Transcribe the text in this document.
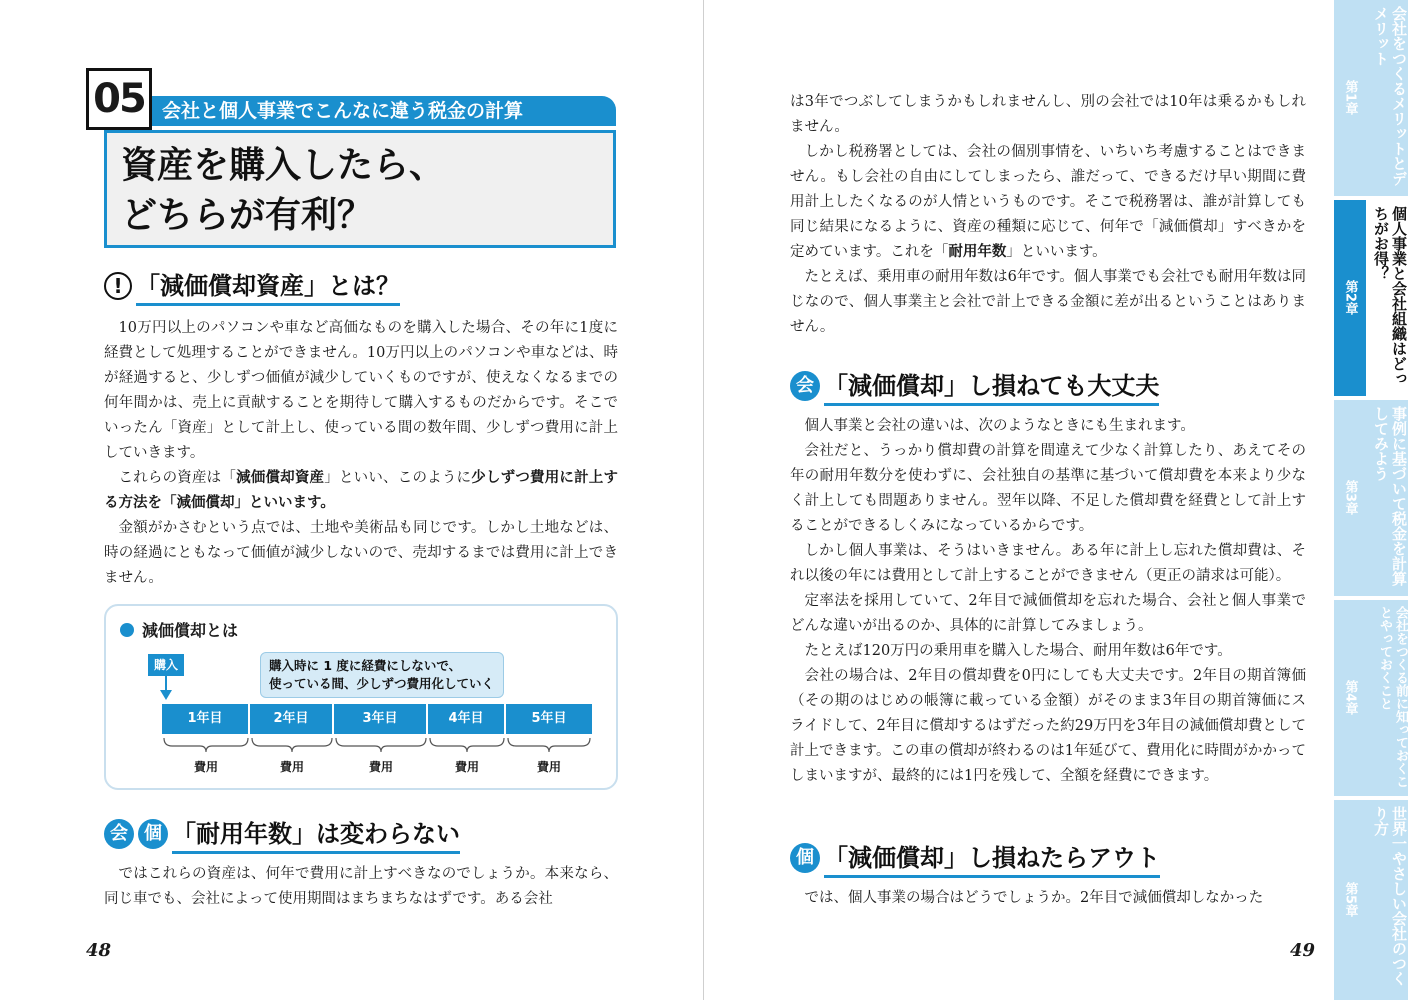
05 会社と個人事業でこんなに違う税金の計算
資産を購入したら、
どちらが有利？
! 「減価償却資産」とは？

10万円以上のパソコンや車など高価なものを購入した場合、その年に1度に経費として処理することができません。10万円以上のパソコンや車などは、時が経過すると、少しずつ価値が減少していくものですが、使えなくなるまでの何年間かは、売上に貢献することを期待して購入するものだからです。そこでいったん「資産」として計上し、使っている間の数年間、少しずつ費用に計上していきます。

これらの資産は「減価償却資産」といい、このように少しずつ費用に計上する方法を「減価償却」といいます。

金額がかさむという点では、土地や美術品も同じです。しかし土地などは、時の経過にともなって価値が減少しないので、売却するまでは費用に計上できません。

減価償却とは
購入	購入時に 1 度に経費にしないで、
使っている間、少しずつ費用化していく
1年目	2年目	3年目	4年目	5年目
費用	費用	費用	費用	費用
会 個 「耐用年数」は変わらない

ではこれらの資産は、何年で費用に計上すべきなのでしょうか。本来なら、同じ車でも、会社によって使用期間はまちまちなはずです。ある会社

48

は3年でつぶしてしまうかもしれませんし、別の会社では10年は乗るかもしれません。

しかし税務署としては、会社の個別事情を、いちいち考慮することはできません。もし会社の自由にしてしまったら、誰だって、できるだけ早い期間に費用計上したくなるのが人情というものです。そこで税務署は、誰が計算しても同じ結果になるように、資産の種類に応じて、何年で「減価償却」すべきかを定めています。これを「耐用年数」といいます。

たとえば、乗用車の耐用年数は6年です。個人事業でも会社でも耐用年数は同じなので、個人事業主と会社で計上できる金額に差が出るということはありません。

会 「減価償却」し損ねても大丈夫

個人事業と会社の違いは、次のようなときにも生まれます。

会社だと、うっかり償却費の計算を間違えて少なく計算したり、あえてその年の耐用年数分を使わずに、会社独自の基準に基づいて償却費を本来より少なく計上しても問題ありません。翌年以降、不足した償却費を経費として計上することができるしくみになっているからです。

しかし個人事業は、そうはいきません。ある年に計上し忘れた償却費は、それ以後の年には費用として計上することができません（更正の請求は可能）。

定率法を採用していて、2年目で減価償却を忘れた場合、会社と個人事業でどんな違いが出るのか、具体的に計算してみましょう。

たとえば120万円の乗用車を購入した場合、耐用年数は6年です。

会社の場合は、2年目の償却費を0円にしても大丈夫です。2年目の期首簿価（その期のはじめの帳簿に載っている金額）がそのまま3年目の期首簿価にスライドして、2年目に償却するはずだった約29万円を3年目の減価償却費として計上できます。この車の償却が終わるのは1年延びて、費用化に時間がかかってしまいますが、最終的には1円を残して、全額を経費にできます。

個 「減価償却」し損ねたらアウト

では、個人事業の場合はどうでしょうか。2年目で減価償却しなかった

49
会社をつくるメリットとデメリット
第1章
個人事業と会社組織はどっちがお得？
第2章
事例に基づいて税金を計算してみよう
第3章
会社をつくる前に知っておくことやっておくこと
第4章
世界一やさしい会社のつくり方
第5章
